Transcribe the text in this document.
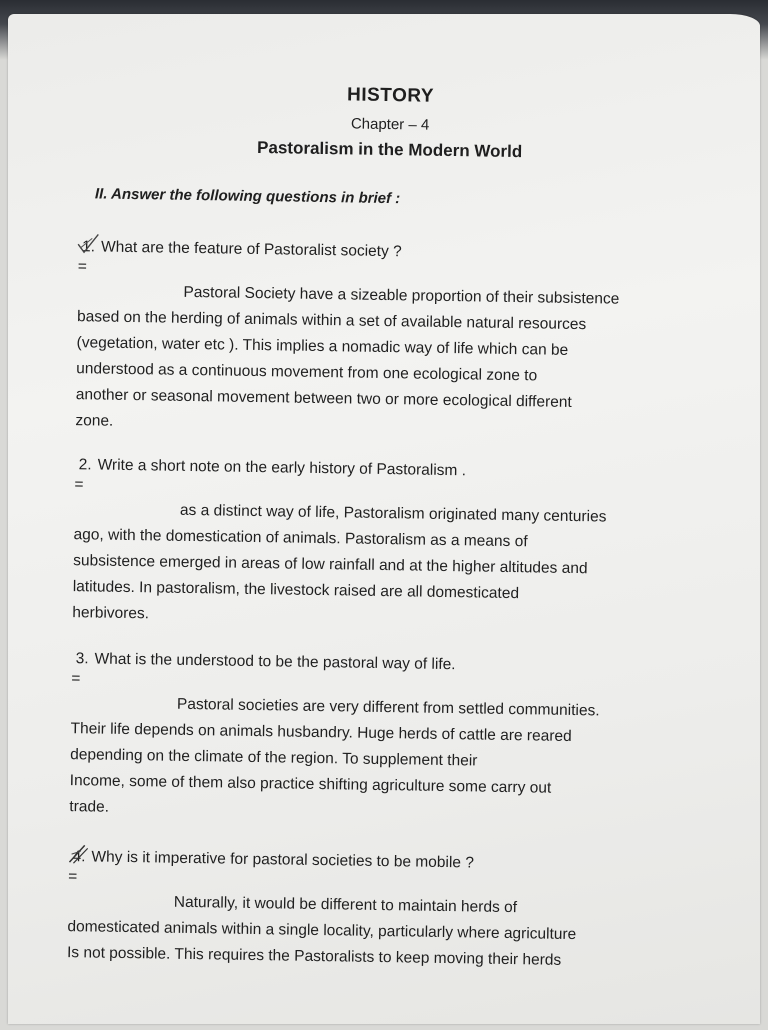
HISTORY
Chapter – 4
Pastoralism in the Modern World
II. Answer the following questions in brief :
1. What are the feature of Pastoralist society ?
=
Pastoral Society have a sizeable proportion of their subsistence
based on the herding of animals within a set of available natural resources
(vegetation, water etc ). This implies a nomadic way of life which can be
understood as a continuous movement from one ecological zone to
another or seasonal movement between two or more ecological different
zone.
2. Write a short note on the early history of Pastoralism .
=
as a distinct way of life, Pastoralism originated many centuries
ago, with the domestication of animals. Pastoralism as a means of
subsistence emerged in areas of low rainfall and at the higher altitudes and
latitudes. In pastoralism, the livestock raised are all domesticated
herbivores.
3. What is the understood to be the pastoral way of life.
=
Pastoral societies are very different from settled communities.
Their life depends on animals husbandry. Huge herds of cattle are reared
depending on the climate of the region. To supplement their
Income, some of them also practice shifting agriculture some carry out
trade.
4. Why is it imperative for pastoral societies to be mobile ?
=
Naturally, it would be different to maintain herds of
domesticated animals within a single locality, particularly where agriculture
Is not possible. This requires the Pastoralists to keep moving their herds
